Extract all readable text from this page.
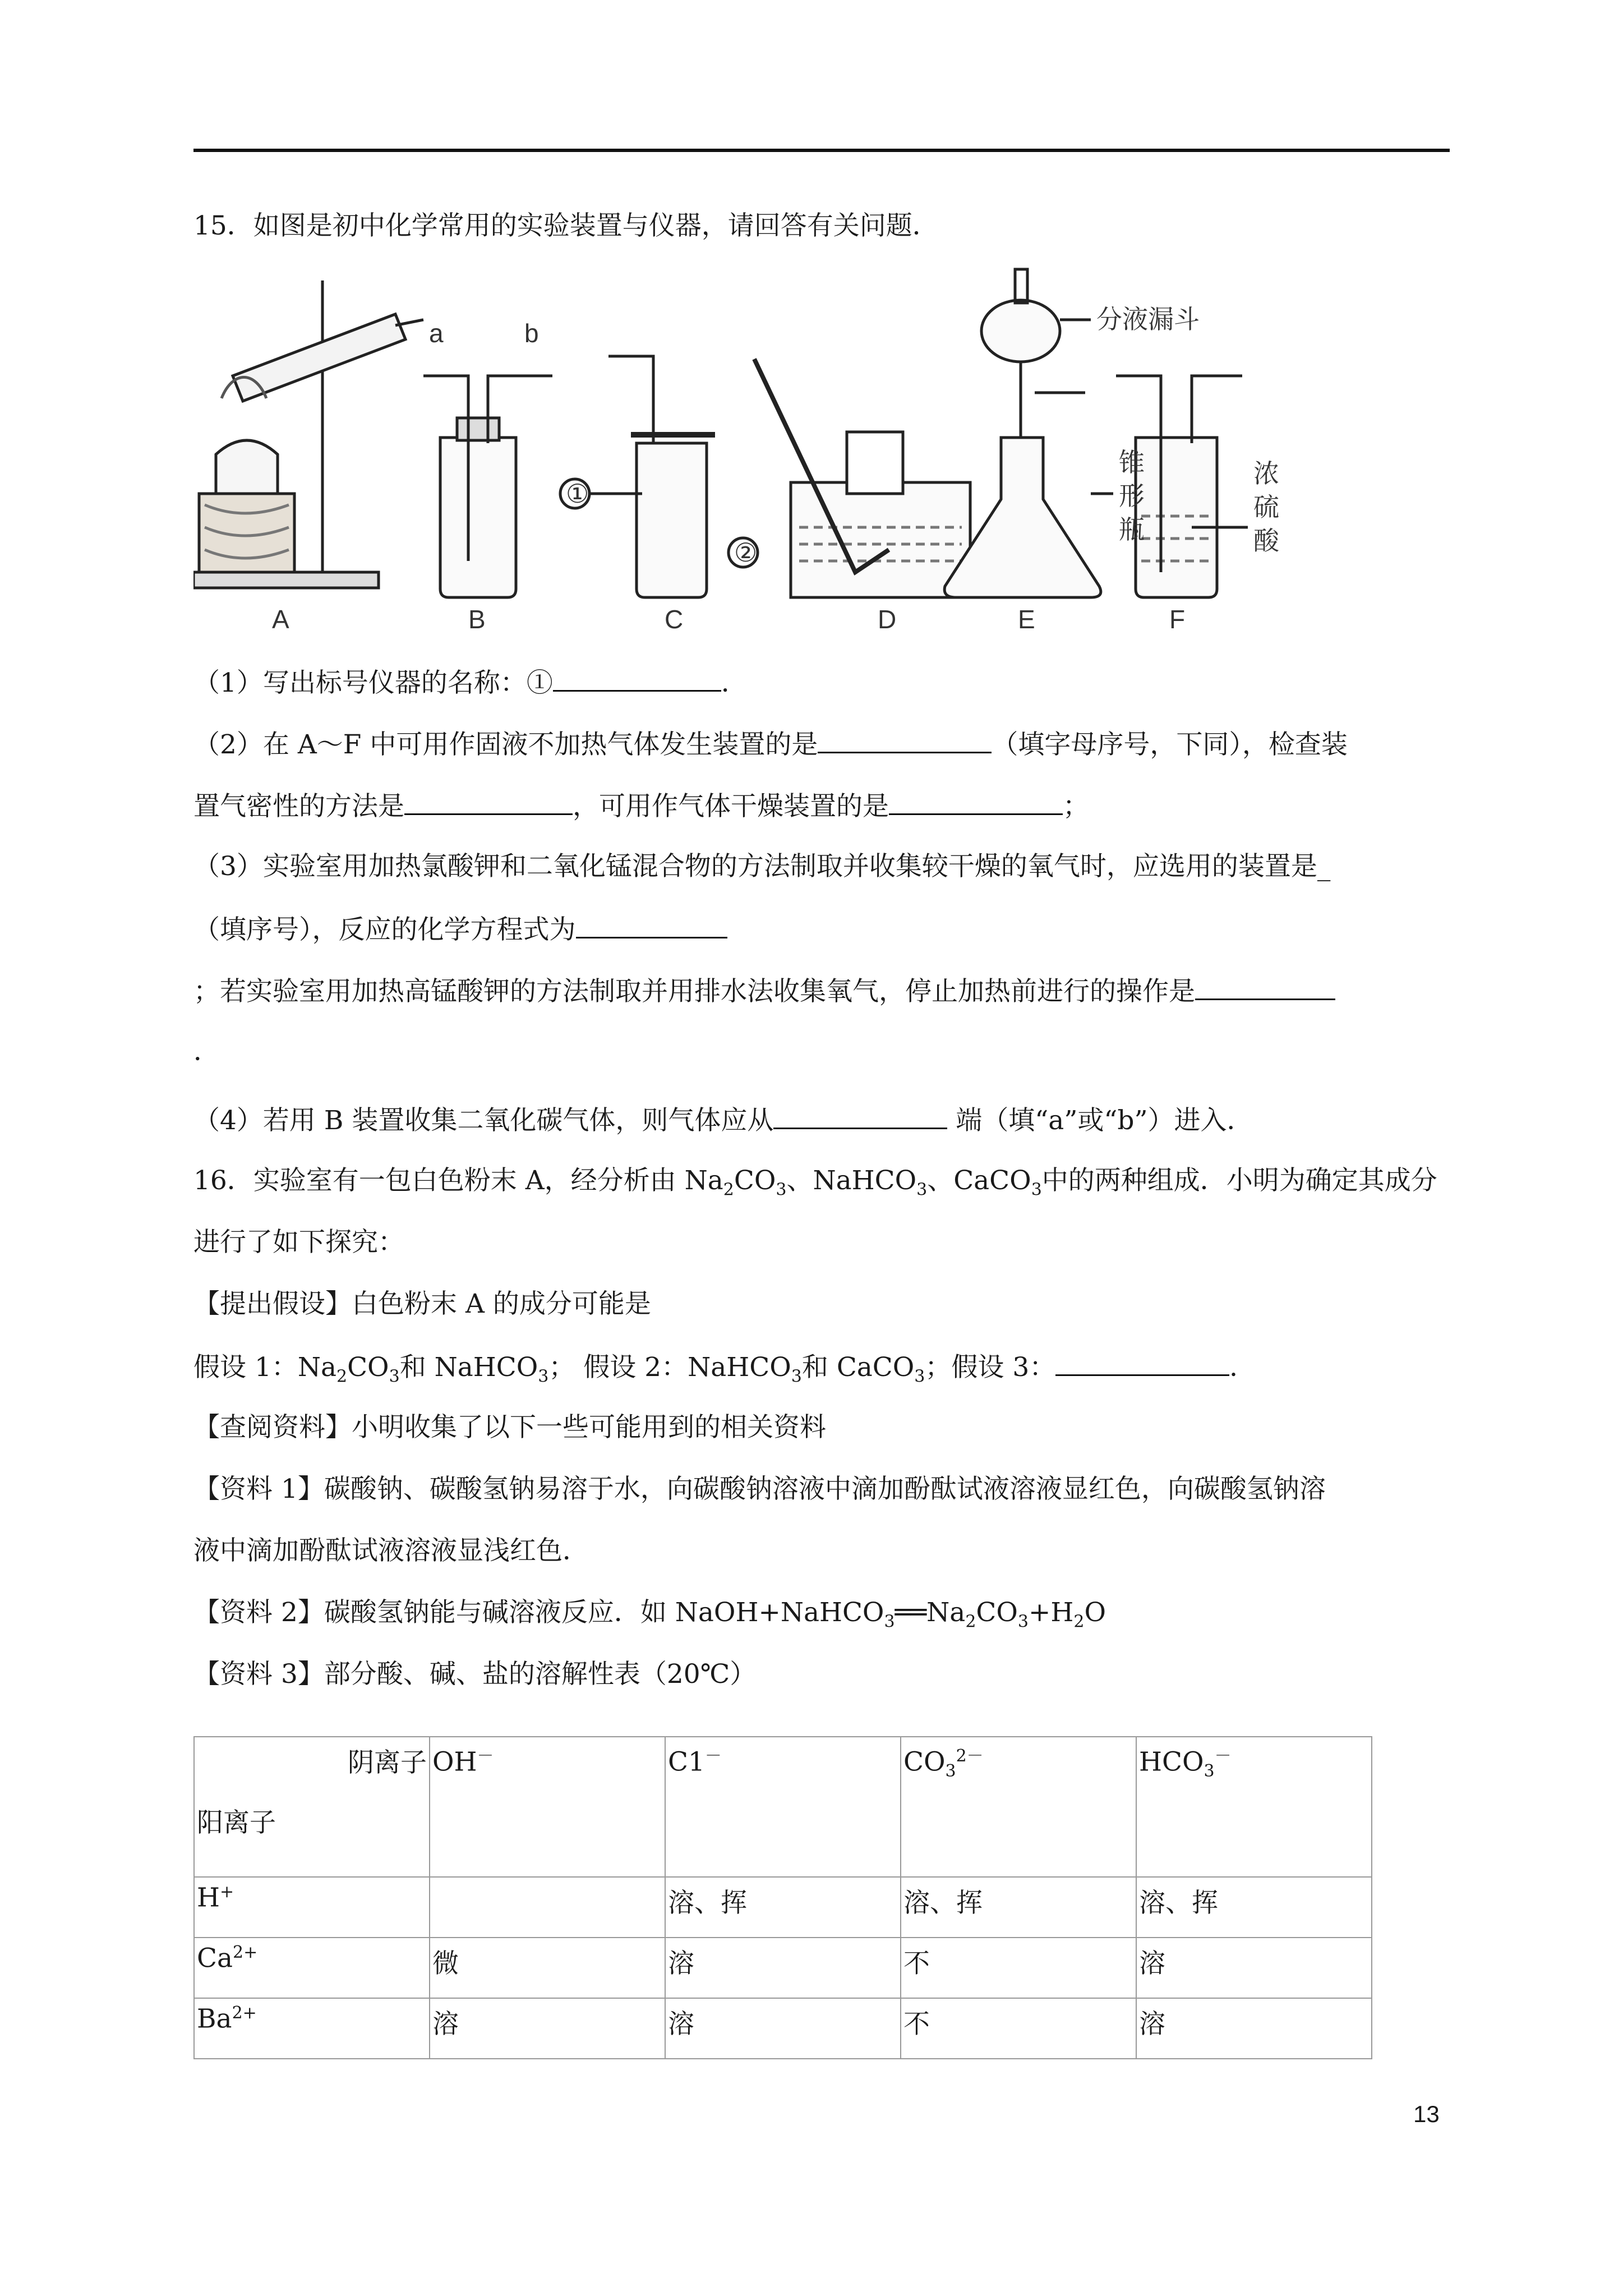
15．如图是初中化学常用的实验装置与仪器，请回答有关问题．
a	b
①
②
分液漏斗
锥
形
瓶
浓
硫
酸
A	B	C	D	E	F
（1）写出标号仪器的名称：①	．
（2）在 A～F 中可用作固液不加热气体发生装置的是	（填字母序号，下同），检查装
置气密性的方法是	，可用作气体干燥装置的是	；
（3）实验室用加热氯酸钾和二氧化锰混合物的方法制取并收集较干燥的氧气时，应选用的装置是_
（填序号），反应的化学方程式为
；若实验室用加热高锰酸钾的方法制取并用排水法收集氧气，停止加热前进行的操作是
．
（4）若用 B 装置收集二氧化碳气体，则气体应从	端（填“a”或“b”）进入．
16．实验室有一包白色粉末 A，经分析由 $Na_2CO_3$、NaHCO$_3$、CaCO$_3$中的两种组成．小明为确定其成分
进行了如下探究：
【提出假设】白色粉末 A 的成分可能是
假设 1：$Na_2CO_3$和 NaHCO$_3$； 假设 2：NaHCO$_3$和 CaCO$_3$；假设 3：	．
【查阅资料】小明收集了以下一些可能用到的相关资料
【资料 1】碳酸钠、碳酸氢钠易溶于水，向碳酸钠溶液中滴加酚酞试液溶液显红色，向碳酸氢钠溶
液中滴加酚酞试液溶液显浅红色．
【资料 2】碳酸氢钠能与碱溶液反应．如 $NaOH+NaHCO_3══Na_2CO_3+H_2O$
【资料 3】部分酸、碱、盐的溶解性表（20℃）
阴离子
阳离子	OH－	C1－	$CO_3^{2-}$	$HCO_3^-$
H+		溶、挥	溶、挥	溶、挥
$Ca^{2+}$	微	溶	不	溶
$Ba^{2+}$	溶	溶	不	溶
13
